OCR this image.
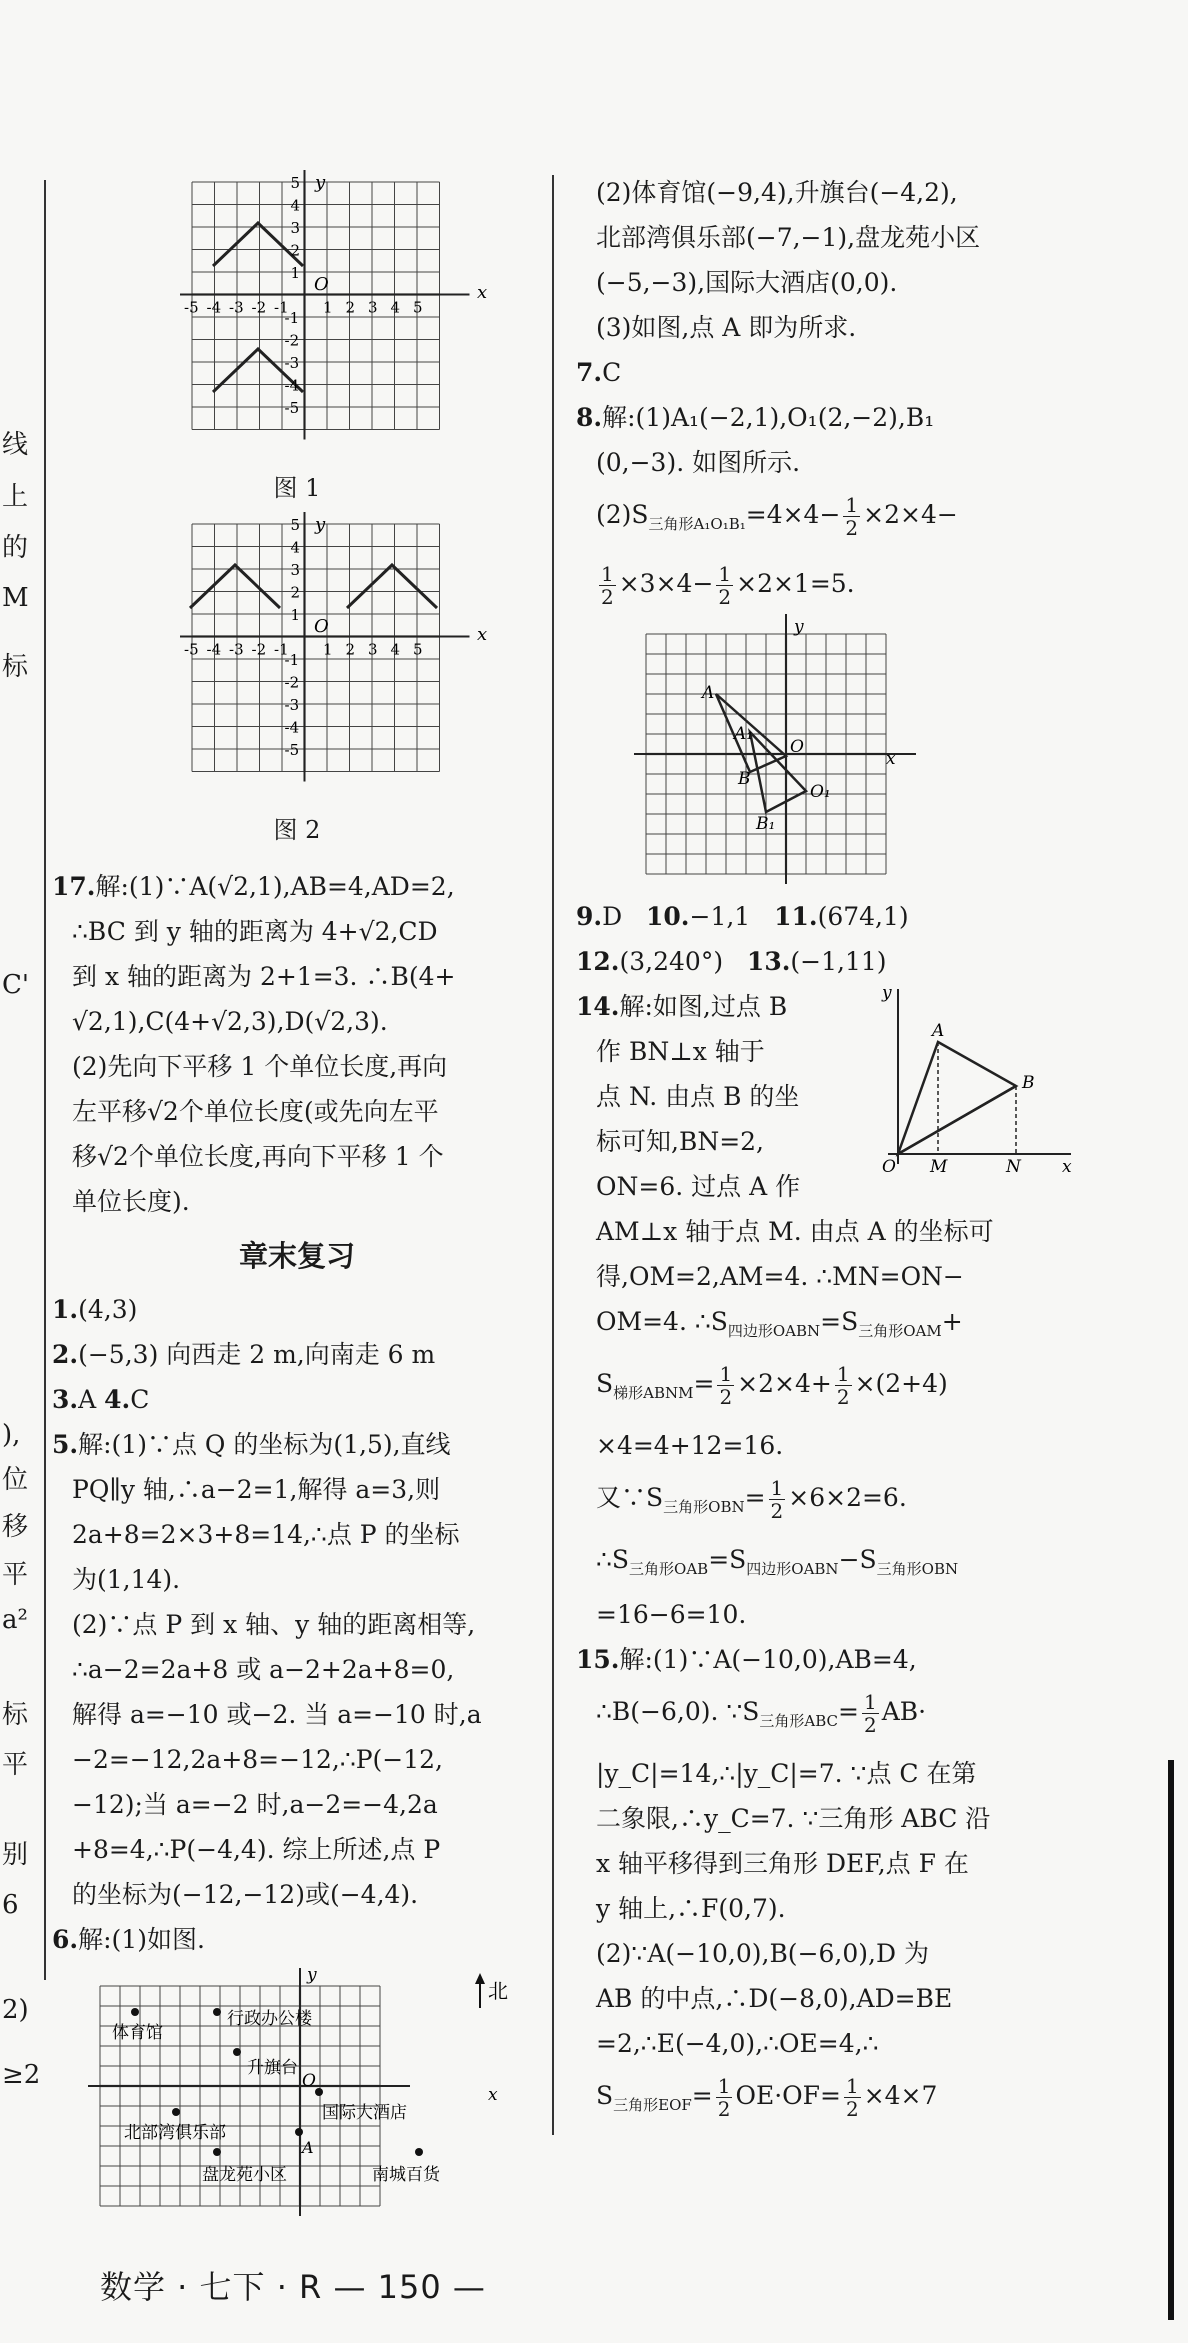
线
上
的
M
标
C'
),
位
移
平
a²
标
平
别
6
2)
≥2
O	x
y
1
-1
1
-1
2
-2
2
-2
3
-3
3
-3
4
-4
4
-4
5
-5
5
-5
图 1
O	x
y
1
-1
1
-1
2
-2
2
-2
3
-3
3
-3
4
-4
4
-4
5
-5
5
-5
图 2

17.解:(1)∵A(√2,1),AB=4,AD=2,

∴BC 到 y 轴的距离为 4+√2,CD

到 x 轴的距离为 2+1=3. ∴B(4+

√2,1),C(4+√2,3),D(√2,3).

(2)先向下平移 1 个单位长度,再向

左平移√2个单位长度(或先向左平

移√2个单位长度,再向下平移 1 个

单位长度).

章末复习

1.(4,3)

2.(−5,3) 向西走 2 m,向南走 6 m

3.A 4.C

5.解:(1)∵点 Q 的坐标为(1,5),直线

PQ∥y 轴,∴a−2=1,解得 a=3,则

2a+8=2×3+8=14,∴点 P 的坐标

为(1,14).

(2)∵点 P 到 x 轴、y 轴的距离相等,

∴a−2=2a+8 或 a−2+2a+8=0,

解得 a=−10 或−2. 当 a=−10 时,a

−2=−12,2a+8=−12,∴P(−12,

−12);当 a=−2 时,a−2=−4,2a

+8=4,∴P(−4,4). 综上所述,点 P

的坐标为(−12,−12)或(−4,4).

6.解:(1)如图.

体育馆
行政办公楼
升旗台
国际大酒店
北部湾俱乐部
盘龙苑小区	南城百货
A
O
x
y
北

(2)体育馆(−9,4),升旗台(−4,2),

北部湾俱乐部(−7,−1),盘龙苑小区

(−5,−3),国际大酒店(0,0).

(3)如图,点 A 即为所求.

7.C

8.解:(1)A₁(−2,1),O₁(2,−2),B₁

(0,−3). 如图所示.

$(2)S_{三角形A_1O_1B_1}=4\times 4- \frac{1}{2} \times 2\times 4-$

$\frac{1}{2} \times 3\times 4- \frac{1}{2} \times 2\times 1=5$.

A
A₁
O
O₁
B
B₁
x
y

9.D 10.−1,1 11.(674,1)

12.(3,240°) 13.(−1,11)

A
B
O M	N x
y

14.解:如图,过点 B

作 BN⊥x 轴于

点 N. 由点 B 的坐

标可知,BN=2,

ON=6. 过点 A 作

AM⊥x 轴于点 M. 由点 A 的坐标可

得,OM=2,AM=4. ∴MN=ON−

OM=4. $\therefore S_{四边形OABN}=S_{三角形OAM}+$

$S_{梯形ABNM}= \frac{1}{2} \times 2\times 4+ \frac{1}{2} \times(2+4)$

×4=4+12=16.

又$\because S_{三角形OBN}= \frac{1}{2} \times 6\times 2=6$.

$\therefore S_{三角形OAB}=S_{四边形OABN}-S_{三角形OBN}$

=16−6=10.

15.解:(1)∵A(−10,0),AB=4,

∴B(−6,0). $\because S_{三角形ABC}= \frac{1}{2} AB\cdot$

|y_C|=14,∴|y_C|=7. ∵点 C 在第

二象限,∴y_C=7. ∵三角形 ABC 沿

x 轴平移得到三角形 DEF,点 F 在

y 轴上,∴F(0,7).

(2)∵A(−10,0),B(−6,0),D 为

AB 的中点,∴D(−8,0),AD=BE

=2,∴E(−4,0),∴OE=4,∴

$S_{三角形EOF}= \frac{1}{2} OE\cdot OF= \frac{1}{2} \times 4\times 7$

数学 · 七下 · R — 150 —
